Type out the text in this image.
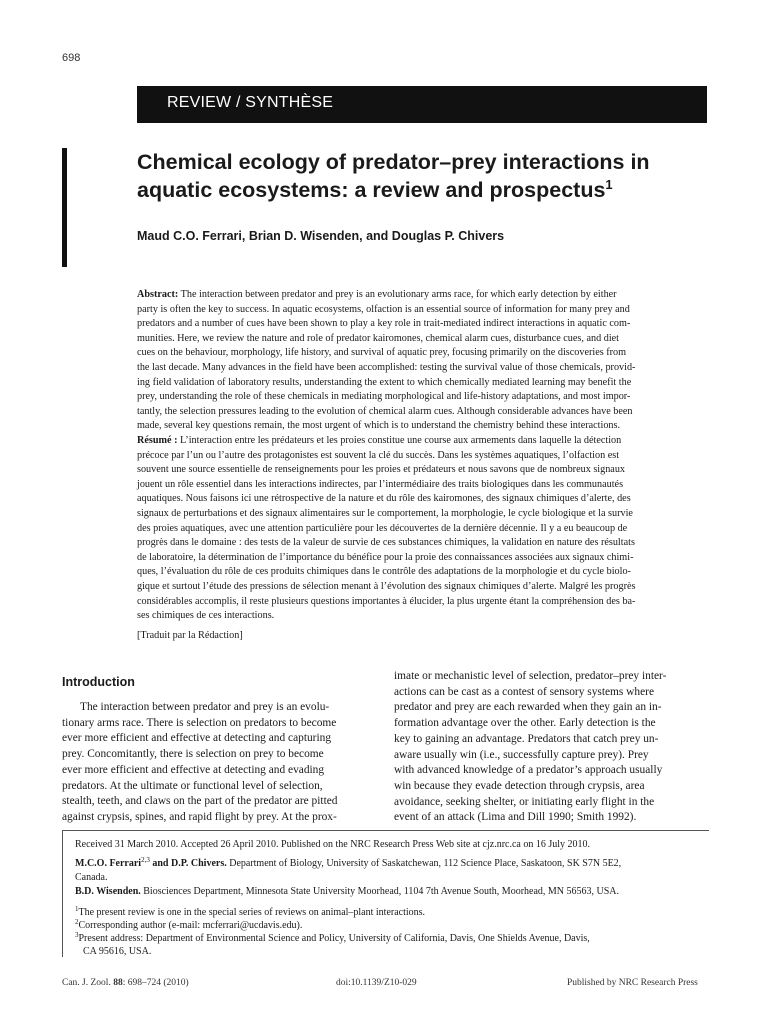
698
REVIEW / SYNTHÈSE
Chemical ecology of predator–prey interactions in
aquatic ecosystems: a review and prospectus$^1$
Maud C.O. Ferrari, Brian D. Wisenden, and Douglas P. Chivers
Abstract: The interaction between predator and prey is an evolutionary arms race, for which early detection by either
party is often the key to success. In aquatic ecosystems, olfaction is an essential source of information for many prey and
predators and a number of cues have been shown to play a key role in trait-mediated indirect interactions in aquatic com-
munities. Here, we review the nature and role of predator kairomones, chemical alarm cues, disturbance cues, and diet
cues on the behaviour, morphology, life history, and survival of aquatic prey, focusing primarily on the discoveries from
the last decade. Many advances in the field have been accomplished: testing the survival value of those chemicals, provid-
ing field validation of laboratory results, understanding the extent to which chemically mediated learning may benefit the
prey, understanding the role of these chemicals in mediating morphological and life-history adaptations, and most impor-
tantly, the selection pressures leading to the evolution of chemical alarm cues. Although considerable advances have been
made, several key questions remain, the most urgent of which is to understand the chemistry behind these interactions.
Résumé : L’interaction entre les prédateurs et les proies constitue une course aux armements dans laquelle la détection
précoce par l’un ou l’autre des protagonistes est souvent la clé du succès. Dans les systèmes aquatiques, l’olfaction est
souvent une source essentielle de renseignements pour les proies et prédateurs et nous savons que de nombreux signaux
jouent un rôle essentiel dans les interactions indirectes, par l’intermédiaire des traits biologiques dans les communautés
aquatiques. Nous faisons ici une rétrospective de la nature et du rôle des kairomones, des signaux chimiques d’alerte, des
signaux de perturbations et des signaux alimentaires sur le comportement, la morphologie, le cycle biologique et la survie
des proies aquatiques, avec une attention particulière pour les découvertes de la dernière décennie. Il y a eu beaucoup de
progrès dans le domaine : des tests de la valeur de survie de ces substances chimiques, la validation en nature des résultats
de laboratoire, la détermination de l’importance du bénéfice pour la proie des connaissances associées aux signaux chimi-
ques, l’évaluation du rôle de ces produits chimiques dans le contrôle des adaptations de la morphologie et du cycle biolo-
gique et surtout l’étude des pressions de sélection menant à l’évolution des signaux chimiques d’alerte. Malgré les progrès
considérables accomplis, il reste plusieurs questions importantes à élucider, la plus urgente étant la compréhension des ba-
ses chimiques de ces interactions.
[Traduit par la Rédaction]
Introduction
The interaction between predator and prey is an evolu-
tionary arms race. There is selection on predators to become
ever more efficient and effective at detecting and capturing
prey. Concomitantly, there is selection on prey to become
ever more efficient and effective at detecting and evading
predators. At the ultimate or functional level of selection,
stealth, teeth, and claws on the part of the predator are pitted
against crypsis, spines, and rapid flight by prey. At the prox-
imate or mechanistic level of selection, predator–prey inter-
actions can be cast as a contest of sensory systems where
predator and prey are each rewarded when they gain an in-
formation advantage over the other. Early detection is the
key to gaining an advantage. Predators that catch prey un-
aware usually win (i.e., successfully capture prey). Prey
with advanced knowledge of a predator’s approach usually
win because they evade detection through crypsis, area
avoidance, seeking shelter, or initiating early flight in the
event of an attack (Lima and Dill 1990; Smith 1992).
Received 31 March 2010. Accepted 26 April 2010. Published on the NRC Research Press Web site at cjz.nrc.ca on 16 July 2010.
M.C.O. Ferrari$^{2,3}$ and D.P. Chivers. Department of Biology, University of Saskatchewan, 112 Science Place, Saskatoon, SK S7N 5E2,
Canada.
B.D. Wisenden. Biosciences Department, Minnesota State University Moorhead, 1104 7th Avenue South, Moorhead, MN 56563, USA.
$^1$The present review is one in the special series of reviews on animal–plant interactions.
$^2$Corresponding author (e-mail: mcferrari@ucdavis.edu).
$^3$Present address: Department of Environmental Science and Policy, University of California, Davis, One Shields Avenue, Davis,
CA 95616, USA.
Can. J. Zool. 88: 698–724 (2010)	doi:10.1139/Z10-029	Published by NRC Research Press
